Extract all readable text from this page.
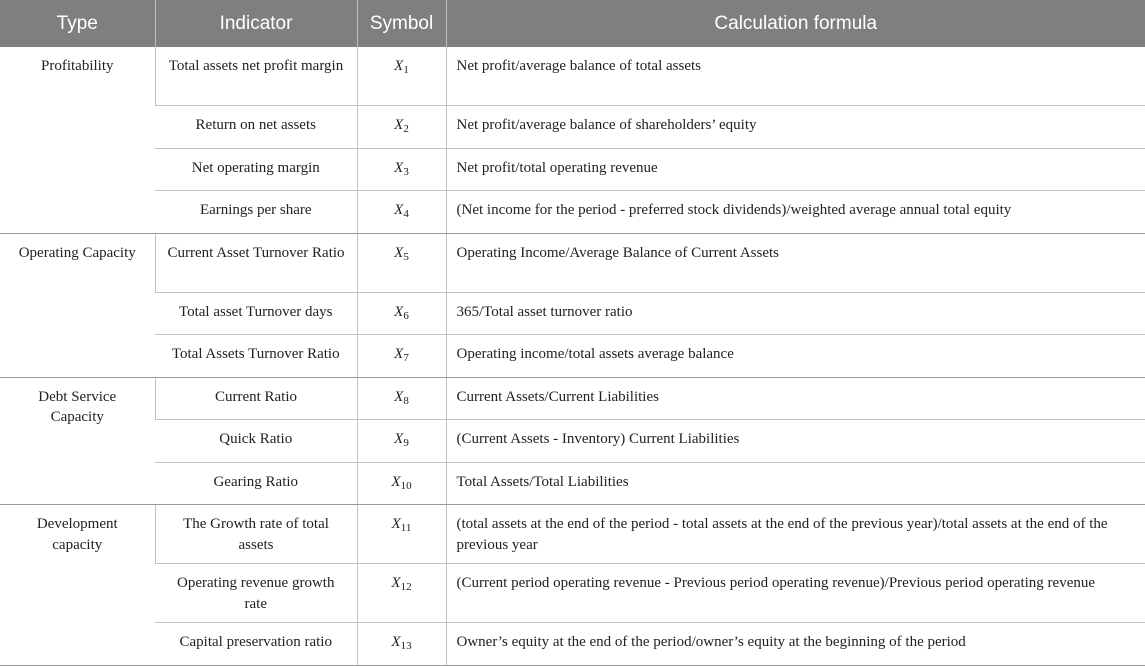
Type	Indicator	Symbol	Calculation formula
Profitability	Total assets net profit margin	$X_1$	Net profit/average balance of total assets
	Return on net assets	$X_2$	Net profit/average balance of shareholders’ equity
	Net operating margin	$X_3$	Net profit/total operating revenue
	Earnings per share	$X_4$	(Net income for the period - preferred stock dividends)/weighted average annual total equity
Operating Capacity	Current Asset Turnover Ratio	$X_5$	Operating Income/Average Balance of Current Assets
	Total asset Turnover days	$X_6$	365/Total asset turnover ratio
	Total Assets Turnover Ratio	$X_7$	Operating income/total assets average balance
Debt Service Capacity	Current Ratio	$X_8$	Current Assets/Current Liabilities
	Quick Ratio	$X_9$	(Current Assets - Inventory) Current Liabilities
	Gearing Ratio	$X_{10}$	Total Assets/Total Liabilities
Development capacity	The Growth rate of total assets	$X_{11}$	(total assets at the end of the period - total assets at the end of the previous year)/total assets at the end of the previous year
	Operating revenue growth rate	$X_{12}$	(Current period operating revenue - Previous period operating revenue)/Previous period operating revenue
	Capital preservation ratio	$X_{13}$	Owner’s equity at the end of the period/owner’s equity at the beginning of the period
